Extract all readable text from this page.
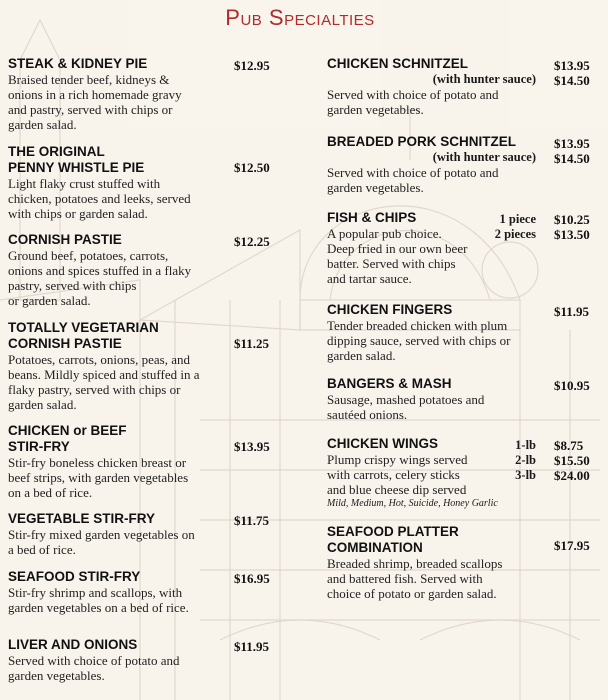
Pub Specialties
STEAK & KIDNEY PIE
Braised tender beef, kidneys &
onions in a rich homemade gravy
and pastry, served with chips or
garden salad.
$12.95
THE ORIGINAL
PENNY WHISTLE PIE
Light flaky crust stuffed with
chicken, potatoes and leeks, served
with chips or garden salad.
$12.50
CORNISH PASTIE
Ground beef, potatoes, carrots,
onions and spices stuffed in a flaky
pastry, served with chips
or garden salad.
$12.25
TOTALLY VEGETARIAN
CORNISH PASTIE
Potatoes, carrots, onions, peas, and
beans. Mildly spiced and stuffed in a
flaky pastry, served with chips or
garden salad.
$11.25
CHICKEN or BEEF
STIR-FRY
Stir-fry boneless chicken breast or
beef strips, with garden vegetables
on a bed of rice.
$13.95
VEGETABLE STIR-FRY
Stir-fry mixed garden vegetables on
a bed of rice.
$11.75
SEAFOOD STIR-FRY
Stir-fry shrimp and scallops, with
garden vegetables on a bed of rice.
$16.95
LIVER AND ONIONS
Served with choice of potato and
garden vegetables.
$11.95
CHICKEN SCHNITZEL
(with hunter sauce)
Served with choice of potato and
garden vegetables.
$13.95
$14.50
BREADED PORK SCHNITZEL
(with hunter sauce)
Served with choice of potato and
garden vegetables.
$13.95
$14.50
FISH & CHIPS
A popular pub choice.
Deep fried in our own beer
batter. Served with chips
and tartar sauce.
1 piece
2 pieces
$10.25
$13.50
CHICKEN FINGERS
Tender breaded chicken with plum
dipping sauce, served with chips or
garden salad.
$11.95
BANGERS & MASH
Sausage, mashed potatoes and
sautéed onions.
$10.95
CHICKEN WINGS
Plump crispy wings served
with carrots, celery sticks
and blue cheese dip served
Mild, Medium, Hot, Suicide, Honey Garlic
1-lb
2-lb
3-lb
$8.75
$15.50
$24.00
SEAFOOD PLATTER
COMBINATION
Breaded shrimp, breaded scallops
and battered fish. Served with
choice of potato or garden salad.
$17.95
